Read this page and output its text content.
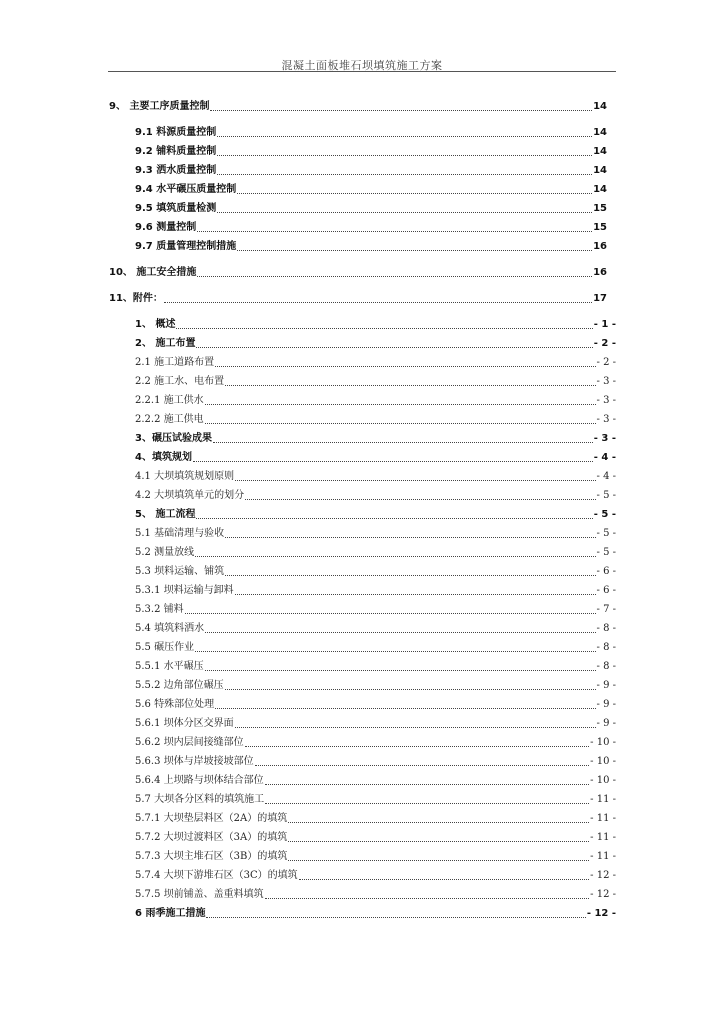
混凝土面板堆石坝填筑施工方案
9、 主要工序质量控制	14
9.1 料源质量控制	14
9.2 铺料质量控制	14
9.3 洒水质量控制	14
9.4 水平碾压质量控制	14
9.5 填筑质量检测	15
9.6 测量控制	15
9.7 质量管理控制措施	16
10、 施工安全措施	16
11、附件：	17
1、 概述	- 1 -
2、 施工布置	- 2 -
2.1 施工道路布置	- 2 -
2.2 施工水、电布置	- 3 -
2.2.1 施工供水	- 3 -
2.2.2 施工供电	- 3 -
3、碾压试验成果	- 3 -
4、填筑规划	- 4 -
4.1 大坝填筑规划原则	- 4 -
4.2 大坝填筑单元的划分	- 5 -
5、 施工流程	- 5 -
5.1 基础清理与验收	- 5 -
5.2 测量放线	- 5 -
5.3 坝料运输、铺筑	- 6 -
5.3.1 坝料运输与卸料	- 6 -
5.3.2 铺料	- 7 -
5.4 填筑料洒水	- 8 -
5.5 碾压作业	- 8 -
5.5.1 水平碾压	- 8 -
5.5.2 边角部位碾压	- 9 -
5.6 特殊部位处理	- 9 -
5.6.1 坝体分区交界面	- 9 -
5.6.2 坝内层间接缝部位	- 10 -
5.6.3 坝体与岸坡接坡部位	- 10 -
5.6.4 上坝路与坝体结合部位	- 10 -
5.7 大坝各分区料的填筑施工	- 11 -
5.7.1 大坝垫层料区（2A）的填筑	- 11 -
5.7.2 大坝过渡料区（3A）的填筑	- 11 -
5.7.3 大坝主堆石区（3B）的填筑	- 11 -
5.7.4 大坝下游堆石区（3C）的填筑	- 12 -
5.7.5 坝前铺盖、盖重料填筑	- 12 -
6 雨季施工措施	- 12 -
